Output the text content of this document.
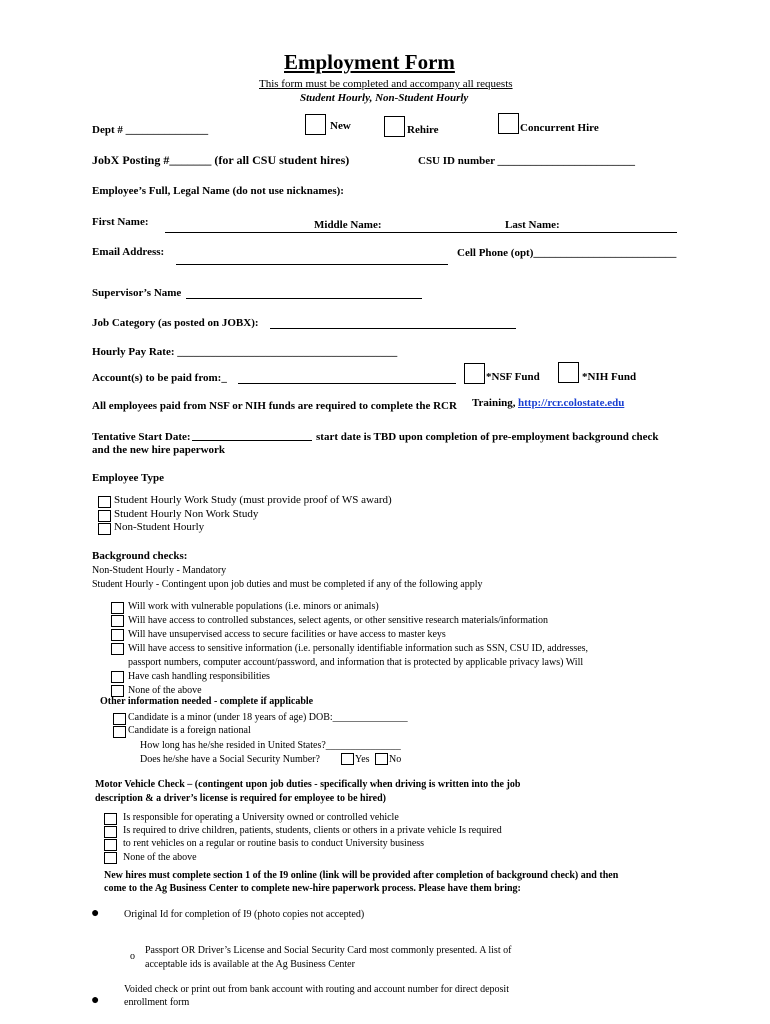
Employment Form
This form must be completed and accompany all requests
Student Hourly, Non-Student Hourly
Dept # _______________	New	Rehire	Concurrent Hire
JobX Posting #_______ (for all CSU student hires)	CSU ID number _________________________
Employee’s Full, Legal Name (do not use nicknames):
First Name:	Middle Name:	Last Name:
Email Address:	Cell Phone (opt)__________________________
Supervisor’s Name
Job Category (as posted on JOBX):
Hourly Pay Rate: ________________________________________
Account(s) to be paid from:_	*NSF Fund	*NIH Fund
All employees paid from NSF or NIH funds are required to complete the RCR Training, http://rcr.colostate.edu
Tentative Start Date:	start date is TBD upon completion of pre-employment background check
and the new hire paperwork
Employee Type
Student Hourly Work Study (must provide proof of WS award)
Student Hourly Non Work Study
Non-Student Hourly
Background checks:
Non-Student Hourly - Mandatory
Student Hourly - Contingent upon job duties and must be completed if any of the following apply
Will work with vulnerable populations (i.e. minors or animals)
Will have access to controlled substances, select agents, or other sensitive research materials/information
Will have unsupervised access to secure facilities or have access to master keys
Will have access to sensitive information (i.e. personally identifiable information such as SSN, CSU ID, addresses,
passport numbers, computer account/password, and information that is protected by applicable privacy laws) Will
Have cash handling responsibilities
None of the above
Other information needed - complete if applicable
Candidate is a minor (under 18 years of age) DOB:_______________
Candidate is a foreign national
How long has he/she resided in United States?_______________
Does he/she have a Social Security Number?	Yes No
Motor Vehicle Check – (contingent upon job duties - specifically when driving is written into the job
description & a driver’s license is required for employee to be hired)
Is responsible for operating a University owned or controlled vehicle
Is required to drive children, patients, students, clients or others in a private vehicle Is required
to rent vehicles on a regular or routine basis to conduct University business
None of the above
New hires must complete section 1 of the I9 online (link will be provided after completion of background check) and then
come to the Ag Business Center to complete new-hire paperwork process. Please have them bring:
● Original Id for completion of I9 (photo copies not accepted)
o
Passport OR Driver’s License and Social Security Card most commonly presented. A list of
acceptable ids is available at the Ag Business Center
Voided check or print out from bank account with routing and account number for direct deposit
● enrollment form
